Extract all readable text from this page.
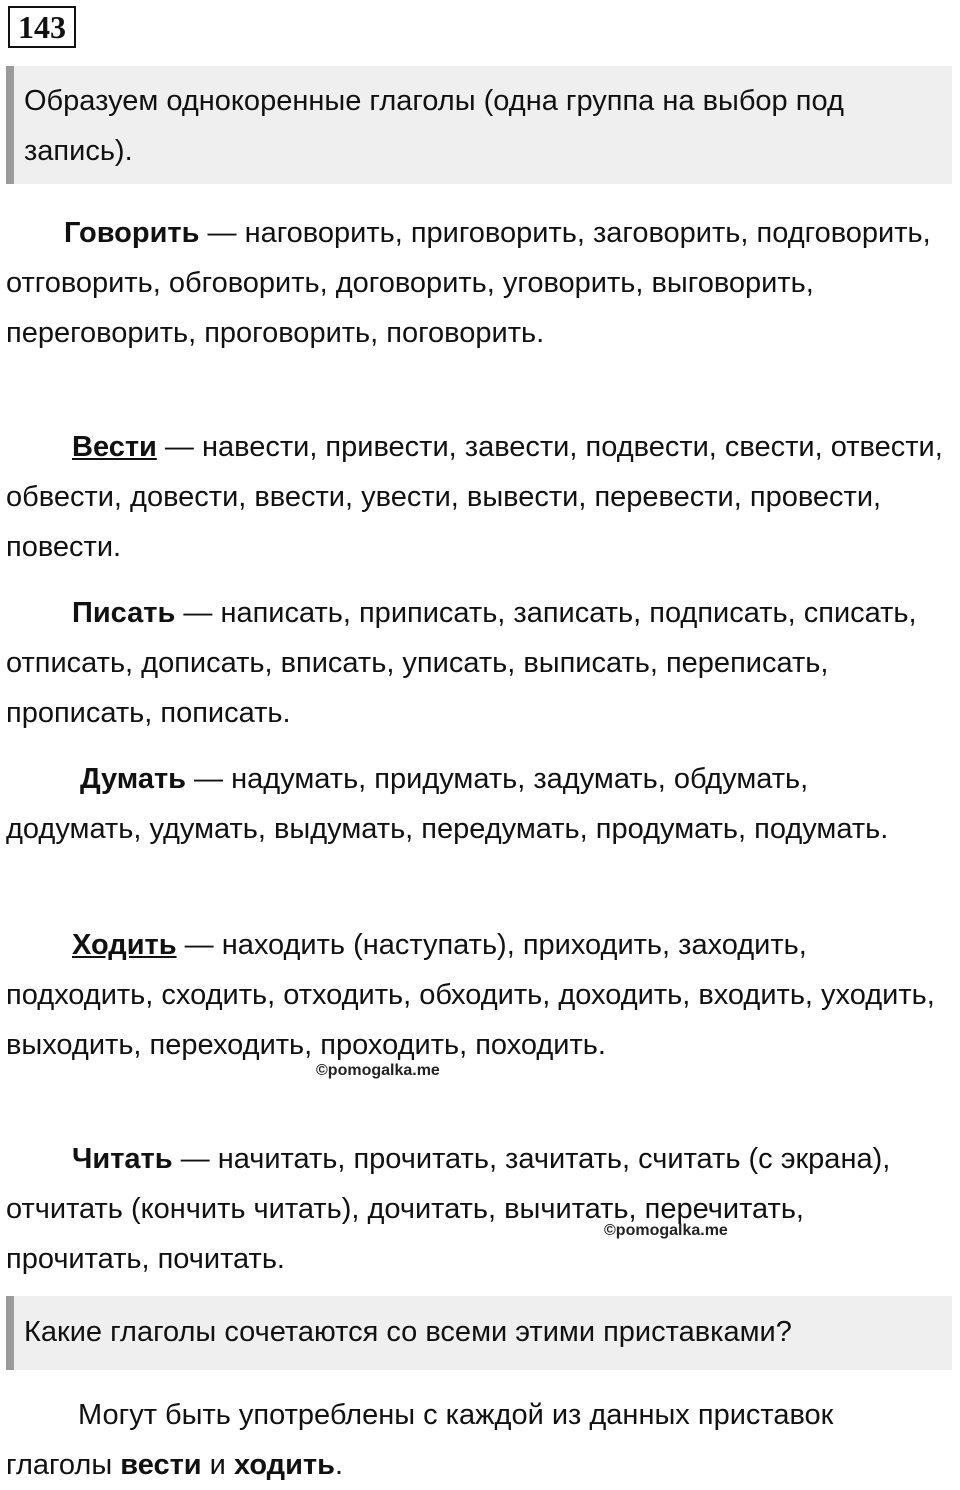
143
Образуем однокоренные глаголы (одна группа на выбор под запись).
Говорить — наговорить, приговорить, заговорить, подговорить, отговорить, обговорить, договорить, уговорить, выговорить, переговорить, проговорить, поговорить.
Вести — навести, привести, завести, подвести, свести, отвести, обвести, довести, ввести, увести, вывести, перевести, провести, повести.
Писать — написать, приписать, записать, подписать, списать, отписать, дописать, вписать, уписать, выписать, переписать, прописать, пописать.
Думать — надумать, придумать, задумать, обдумать, додумать, удумать, выдумать, передумать, продумать, подумать.
Ходить — находить (наступать), приходить, заходить, подходить, сходить, отходить, обходить, доходить, входить, уходить, выходить, переходить, проходить, походить.
©pomogalka.me
Читать — начитать, прочитать, зачитать, считать (с экрана), отчитать (кончить читать), дочитать, вычитать, перечитать, прочитать, почитать.
©pomogalka.me
Какие глаголы сочетаются со всеми этими приставками?
Могут быть употреблены с каждой из данных приставок глаголы вести и ходить.
